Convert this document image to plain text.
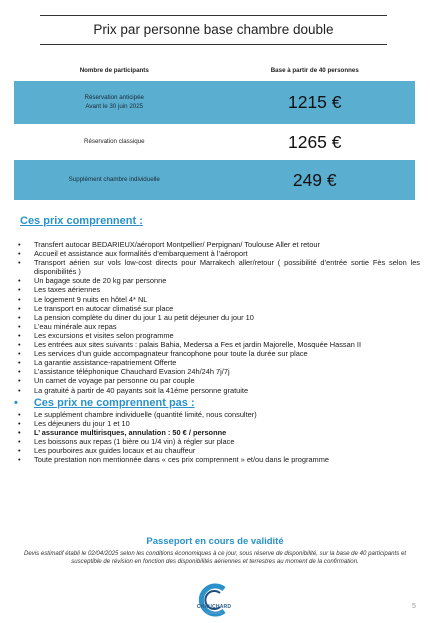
Prix par personne base chambre double
Nombre de participants	Base à partir de 40 personnes
Réservation anticipée
Avant le 30 juin 2025	1215 €
Réservation classique	1265 €
Supplément chambre individuelle	249 €
Ces prix comprennent :
• Transfert autocar BEDARIEUX/aéroport Montpellier/ Perpignan/ Toulouse Aller et retour
• Accueil et assistance aux formalités d’embarquement à l’aéroport
• Transport aérien sur vols low-cost directs pour Marrakech aller/retour ( possibilité d’entrée sortie Fès selon les disponibilités )
• Un bagage soute de 20 kg par personne
• Les taxes aériennes
• Le logement 9 nuits en hôtel 4* NL
• Le transport en autocar climatisé sur place
• La pension complète du diner du jour 1 au petit déjeuner du jour 10
• L’eau minérale aux repas
• Les excursions et visites selon programme
• Les entrées aux sites suivants : palais Bahia, Medersa a Fes et jardin Majorelle, Mosquée Hassan II
• Les services d’un guide accompagnateur francophone pour toute la durée sur place
• La garantie assistance-rapatriement Offerte
• L’assistance téléphonique Chauchard Evasion 24h/24h 7j/7j
• Un carnet de voyage par personne ou par couple
• La gratuité à partir de 40 payants soit la 41éme personne gratuite
• Ces prix ne comprennent pas :
• Le supplément chambre individuelle (quantité limité, nous consulter)
• Les déjeuners du jour 1 et 10
• L’ assurance multirisques, annulation : 50 € / personne
• Les boissons aux repas (1 bière ou 1/4 vin) à régler sur place
• Les pourboires aux guides locaux et au chauffeur
• Toute prestation non mentionnée dans « ces prix comprennent » et/ou dans le programme
Passeport en cours de validité
Devis estimatif établi le 02/04/2025 selon les conditions économiques à ce jour, sous réserve de disponibilité, sur la base de 40 participants et susceptible de révision en fonction des disponibilités aériennes et terrestres au moment de la confirmation.
CHAUCHARD
EVASION
5
